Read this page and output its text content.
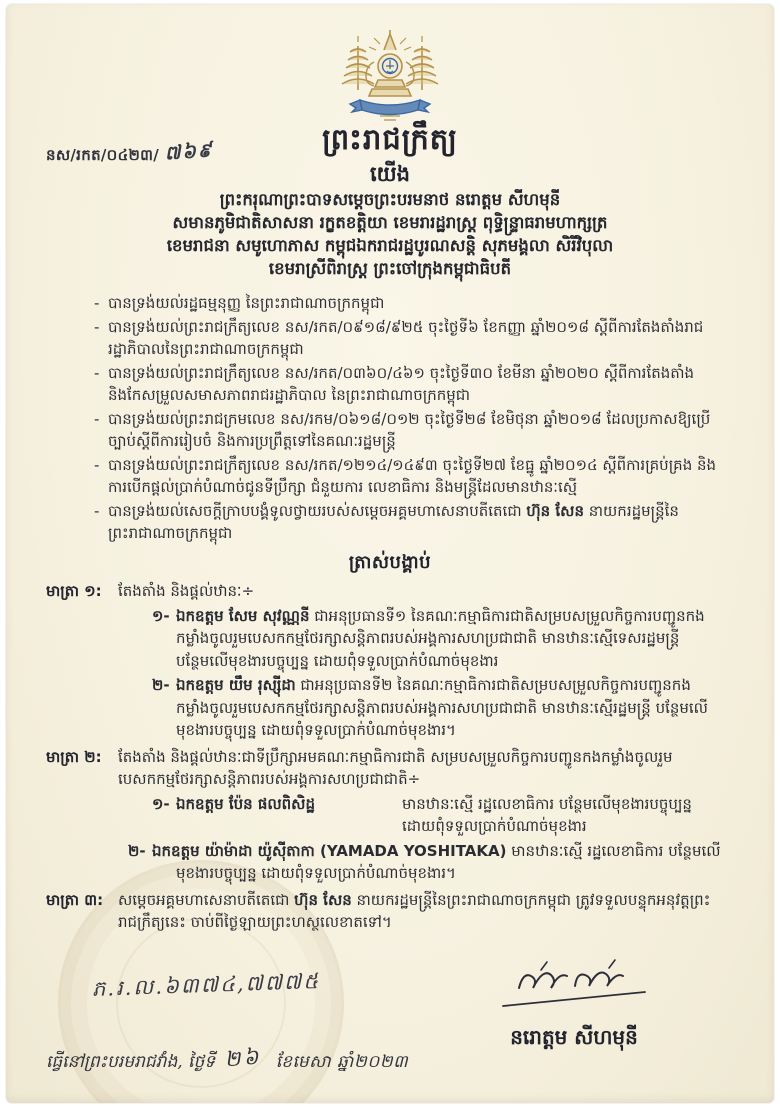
នស/រកត/០៤២៣/ ៧៦៩	ព្រះរាជក្រឹត្យ
យើង
ព្រះករុណាព្រះបាទសម្តេចព្រះបរមនាថ នរោត្តម សីហមុនី
សមានភូមិជាតិសាសនា រក្ខតខត្តិយា ខេមរារដ្ឋរាស្ត្រ ពុទ្ធិន្ទ្រាធរាមហាក្សត្រ
ខេមរាជនា សមូហោភាស កម្ពុជឯករាជរដ្ឋបូរណសន្តិ សុភមង្គលា សិរីវិបុលា
ខេមរាស្រីពិរាស្ត្រ ព្រះចៅក្រុងកម្ពុជាធិបតី
- បានទ្រង់យល់រដ្ឋធម្មនុញ្ញ នៃព្រះរាជាណាចក្រកម្ពុជា
- បានទ្រង់យល់ព្រះរាជក្រឹត្យលេខ នស/រកត/០៩១៨/៩២៥ ចុះថ្ងៃទី៦ ខែកញ្ញា ឆ្នាំ២០១៨ ស្តីពីការតែងតាំងរាជរដ្ឋាភិបាលនៃព្រះរាជាណាចក្រកម្ពុជា
- បានទ្រង់យល់ព្រះរាជក្រឹត្យលេខ នស/រកត/០៣៦០/៤៦១ ចុះថ្ងៃទី៣០ ខែមីនា ឆ្នាំ២០២០ ស្តីពីការតែងតាំង និងកែសម្រួលសមាសភាពរាជរដ្ឋាភិបាល នៃព្រះរាជាណាចក្រកម្ពុជា
- បានទ្រង់យល់ព្រះរាជក្រមលេខ នស/រកម/០៦១៨/០១២ ចុះថ្ងៃទី២៨ ខែមិថុនា ឆ្នាំ២០១៨ ដែលប្រកាសឱ្យប្រើច្បាប់ស្តីពីការរៀបចំ និងការប្រព្រឹត្តទៅនៃគណៈរដ្ឋមន្ត្រី
- បានទ្រង់យល់ព្រះរាជក្រឹត្យលេខ នស/រកត/១២១៤/១៤៩៣ ចុះថ្ងៃទី២៧ ខែធ្នូ ឆ្នាំ២០១៤ ស្តីពីការគ្រប់គ្រង និងការបើកផ្តល់ប្រាក់បំណាច់ជូនទីប្រឹក្សា ជំនួយការ លេខាធិការ និងមន្ត្រីដែលមានឋានៈស្មើ
- បានទ្រង់យល់សេចក្តីក្រាបបង្គំទូលថ្វាយរបស់សម្តេចអគ្គមហាសេនាបតីតេជោ ហ៊ុន សែន នាយករដ្ឋមន្ត្រីនៃព្រះរាជាណាចក្រកម្ពុជា
ត្រាស់បង្គាប់
មាត្រា ១:	តែងតាំង និងផ្តល់ឋានៈ÷
១- ឯកឧត្តម សែម សុវណ្ណនី ជាអនុប្រធានទី១ នៃគណៈកម្មាធិការជាតិសម្របសម្រួលកិច្ចការបញ្ជូនកងកម្លាំងចូលរួមបេសកកម្មថែរក្សាសន្តិភាពរបស់អង្គការសហប្រជាជាតិ មានឋានៈស្មើទេសរដ្ឋមន្ត្រី បន្ថែមលើមុខងារបច្ចុប្បន្ន ដោយពុំទទួលប្រាក់បំណាច់មុខងារ
២- ឯកឧត្តម យឹម រុស្ស៊ីដា ជាអនុប្រធានទី២ នៃគណៈកម្មាធិការជាតិសម្របសម្រួលកិច្ចការបញ្ជូនកងកម្លាំងចូលរួមបេសកកម្មថែរក្សាសន្តិភាពរបស់អង្គការសហប្រជាជាតិ មានឋានៈស្មើរដ្ឋមន្ត្រី បន្ថែមលើមុខងារបច្ចុប្បន្ន ដោយពុំទទួលប្រាក់បំណាច់មុខងារ។
មាត្រា ២:	តែងតាំង និងផ្តល់ឋានៈជាទីប្រឹក្សាអមគណៈកម្មាធិការជាតិ សម្របសម្រួលកិច្ចការបញ្ជូនកងកម្លាំងចូលរួមបេសកកម្មថែរក្សាសន្តិភាពរបស់អង្គការសហប្រជាជាតិ÷
១- ឯកឧត្តម ប៉ែន ផលពិសិដ្ឋ	មានឋានៈស្មើ រដ្ឋលេខាធិការ បន្ថែមលើមុខងារបច្ចុប្បន្ន ដោយពុំទទួលប្រាក់បំណាច់មុខងារ
២- ឯកឧត្តម យ៉ាម៉ាដា យ៉ូស៊ីតាកា (YAMADA YOSHITAKA) មានឋានៈស្មើ រដ្ឋលេខាធិការ បន្ថែមលើមុខងារបច្ចុប្បន្ន ដោយពុំទទួលប្រាក់បំណាច់មុខងារ។
មាត្រា ៣: សម្តេចអគ្គមហាសេនាបតីតេជោ ហ៊ុន សែន នាយករដ្ឋមន្ត្រីនៃព្រះរាជាណាចក្រកម្ពុជា ត្រូវទទួលបន្ទុកអនុវត្តព្រះរាជក្រឹត្យនេះ ចាប់ពីថ្ងៃឡាយព្រះហស្ថលេខាតទៅ។
ភ.រ.ល.៦៣៧៤,៧៧៧៥
នរោត្តម សីហមុនី
ធ្វើនៅព្រះបរមរាជវាំង, ថ្ងៃទី ២៦ ខែមេសា ឆ្នាំ២០២៣
